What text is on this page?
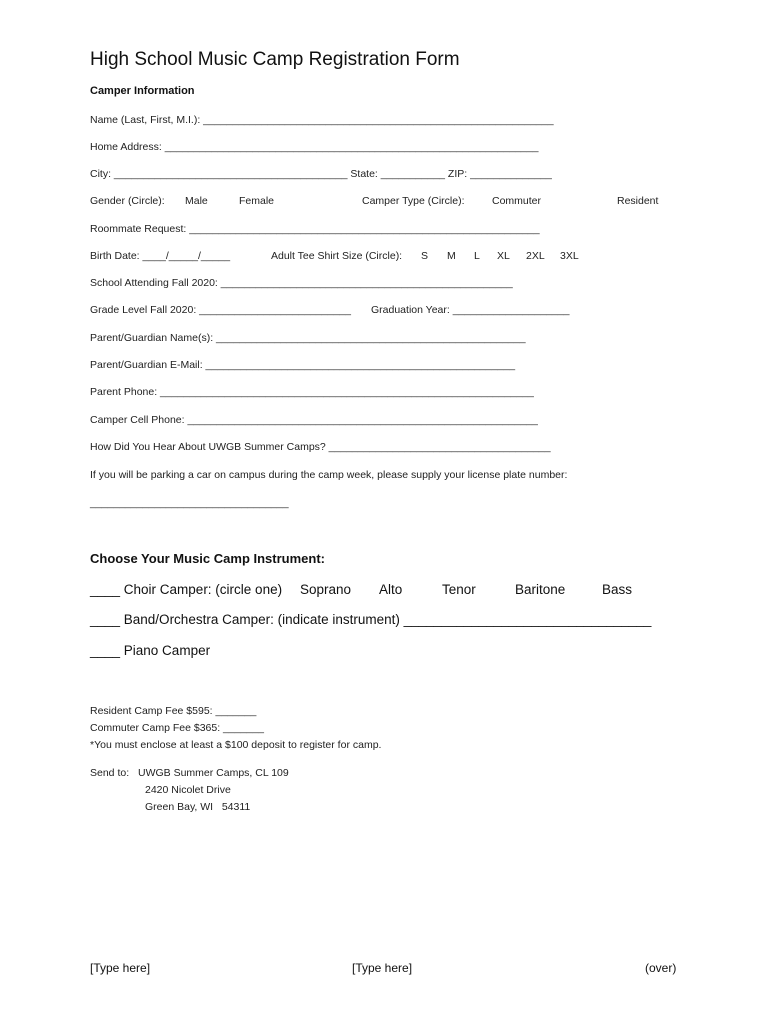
High School Music Camp Registration Form
Camper Information
Name (Last, First, M.I.): ____________________________________________________________
Home Address: ________________________________________________________________
City: ________________________________________ State: ___________ ZIP: ______________
Gender (Circle): Male	Female	Camper Type (Circle):	Commuter	Resident
Roommate Request: ____________________________________________________________
Birth Date: ____/_____/_____	Adult Tee Shirt Size (Circle): S M L XL 2XL 3XL
School Attending Fall 2020: __________________________________________________
Grade Level Fall 2020: __________________________ Graduation Year: ____________________
Parent/Guardian Name(s): _____________________________________________________
Parent/Guardian E-Mail: _____________________________________________________
Parent Phone: ________________________________________________________________
Camper Cell Phone: ____________________________________________________________
How Did You Hear About UWGB Summer Camps? ______________________________________
If you will be parking a car on campus during the camp week, please supply your license plate number:
__________________________________
Choose Your Music Camp Instrument:
____ Choir Camper: (circle one) Soprano Alto	Tenor	Baritone	Bass
____ Band/Orchestra Camper: (indicate instrument) _________________________________
____ Piano Camper
Resident Camp Fee $595: _______
Commuter Camp Fee $365: _______
*You must enclose at least a $100 deposit to register for camp.
Send to: UWGB Summer Camps, CL 109
2420 Nicolet Drive
Green Bay, WI   54311
[Type here]	[Type here]	(over)
